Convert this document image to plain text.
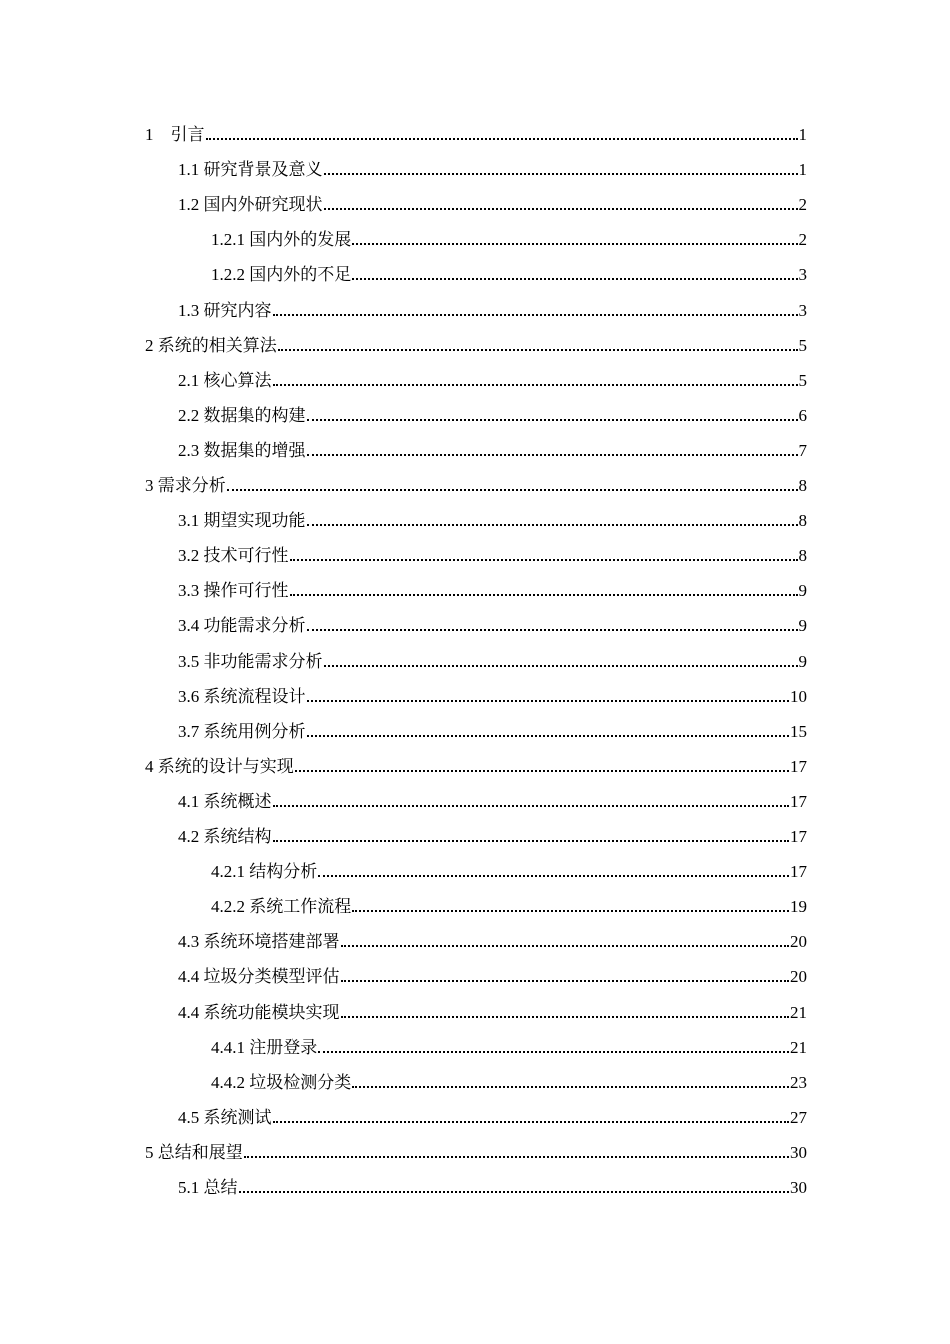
1　引言	1
1.1 研究背景及意义	1
1.2 国内外研究现状	2
1.2.1 国内外的发展	2
1.2.2 国内外的不足	3
1.3 研究内容	3
2 系统的相关算法	5
2.1 核心算法	5
2.2 数据集的构建	6
2.3 数据集的增强	7
3 需求分析	8
3.1 期望实现功能	8
3.2 技术可行性	8
3.3 操作可行性	9
3.4 功能需求分析	9
3.5 非功能需求分析	9
3.6 系统流程设计	10
3.7 系统用例分析	15
4 系统的设计与实现	17
4.1 系统概述	17
4.2 系统结构	17
4.2.1 结构分析	17
4.2.2 系统工作流程	19
4.3 系统环境搭建部署	20
4.4 垃圾分类模型评估	20
4.4 系统功能模块实现	21
4.4.1 注册登录	21
4.4.2 垃圾检测分类	23
4.5 系统测试	27
5 总结和展望	30
5.1 总结	30
